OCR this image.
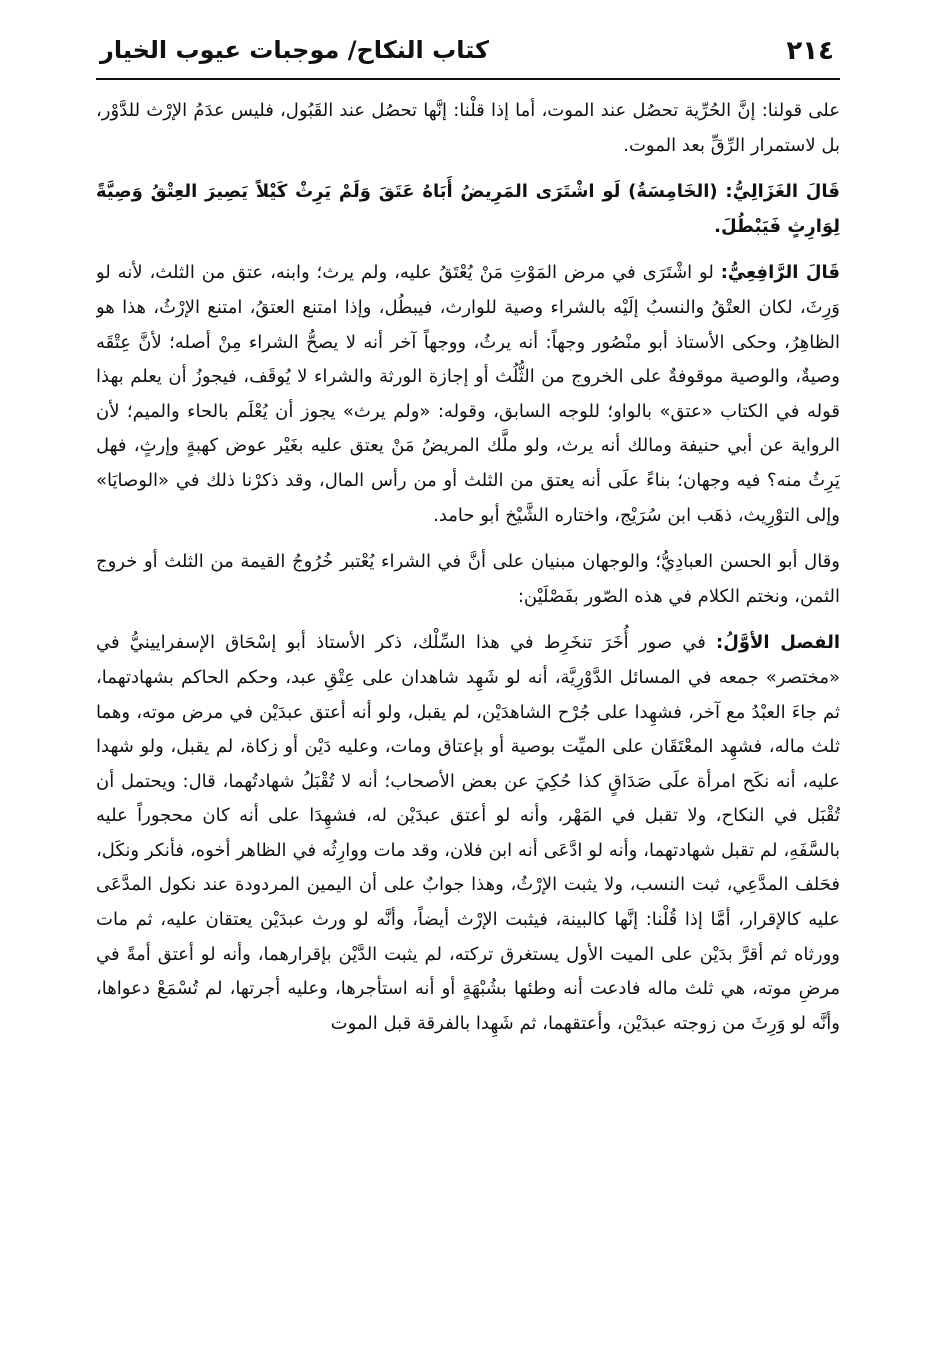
٢١٤
كتاب النكاح/ موجبات عيوب الخيار

على قولنا: إنَّ الحُرِّية تحصُل عند الموت، أما إذا قلْنا: إنَّها تحصُل عند القَبُول، فليس عدَمُ الإرْث للدَّوْر، بل لاستمرار الرِّقِّ بعد الموت.

قَالَ الغَزَالِيُّ: (الخَامِسَةُ) لَو اشْتَرَى المَرِيضُ أَبَاهُ عَتَقَ وَلَمْ يَرِثْ كَيْلاً يَصِيرَ العِتْقُ وَصِيَّةً لِوَارِثٍ فَيَبْطُلَ.

قَالَ الرَّافِعِيُّ: لو اشْتَرَى في مرض المَوْتِ مَنْ يُعْتَقُ عليه، ولم يرث؛ وابنه، عتق من الثلث، لأنه لو وَرِثَ، لكان العتْقُ والنسبُ إلَيْه بالشراء وصية للوارث، فيبطُل، وإذا امتنع العتقُ، امتنع الإرْثُ، هذا هو الظاهِرُ، وحكى الأستاذ أبو منْصُور وجهاً: أنه يرثُ، ووجهاً آخر أنه لا يصحُّ الشراء مِنْ أصله؛ لأنَّ عِتْقَه وصيةٌ، والوصية موقوفةٌ على الخروج من الثُّلُث أو إجازة الورثة والشراء لا يُوقَف، فيجوزُ أن يعلم بهذا قوله في الكتاب «عتق» بالواو؛ للوجه السابق، وقوله: «ولم يرث» يجوز أن يُعْلَم بالحاء والميم؛ لأن الرواية عن أبي حنيفة ومالك أنه يرث، ولو ملَّك المريضُ مَنْ يعتق عليه بغَيْر عوض كهبةٍ وإرثٍ، فهل يَرِثُ منه؟ فيه وجهان؛ بناءً علَى أنه يعتق من الثلث أو من رأس المال، وقد ذكرْنا ذلك في «الوصايَا» وإلى التوْرِيث، ذهَب ابن سُرَيْج، واختاره الشَّيْخ أبو حامد.

وقال أبو الحسن العبادِيُّ؛ والوجهان مبنيان على أنَّ في الشراء يُعْتبر خُرُوجُ القيمة من الثلث أو خروج الثمن، ونختم الكلام في هذه الصّور بفَصْلَيْن:

الفصل الأوَّلُ: في صور أُخَرَ تنخَرِط في هذا السِّلْك، ذكر الأستاذ أبو إسْحَاق الإسفرايينيُّ في «مختصر» جمعه في المسائل الدَّوْرِيَّة، أنه لو شَهِد شاهدان على عِتْقِ عبد، وحكم الحاكم بشهادتهما، ثم جاءَ العبْدُ مع آخر، فشهِدا على جُرْح الشاهدَيْن، لم يقبل، ولو أنه أعتق عبدَيْن في مرض موته، وهما ثلث ماله، فشهِد المعْتَقَان على الميِّت بوصية أو بإعتاق ومات، وعليه دَيْن أو زكاة، لم يقبل، ولو شهدا عليه، أنه نكَح امرأة علَى صَدَاقٍ كذا حُكِيَ عن بعض الأصحاب؛ أنه لا تُقْبَلُ شهادتُهما، قال: ويحتمل أن تُقْبَل في النكاح، ولا تقبل في المَهْر، وأنه لو أعتق عبدَيْن له، فشهِدَا على أنه كان محجوراً عليه بالسَّفَهِ، لم تقبل شهادتهما، وأنه لو ادَّعَى أنه ابن فلان، وقد مات ووارِثُه في الظاهر أخوه، فأنكر ونكَل، فحَلف المدَّعِي، ثبت النسب، ولا يثبت الإرْثُ، وهذا جوابٌ على أن اليمين المردودة عند نكول المدَّعَى عليه كالإقرار، أمَّا إذا قُلْنا: إنَّها كالبينة، فيثبت الإرْث أيضاً، وأنَّه لو ورث عبدَيْن يعتقان عليه، ثم مات وورثاه ثم أقرَّ بدَيْن على الميت الأول يستغرق تركته، لم يثبت الدَّيْن بإقرارهما، وأنه لو أعتق أمةً في مرضِ موته، هي ثلث ماله فادعت أنه وطئها بشُبْهَةٍ أو أنه استأجرها، وعليه أجرتها، لم تُسْمَعْ دعواها، وأنَّه لو وَرِثَ من زوجته عبدَيْن، وأعتقهما، ثم شَهِدا بالفرقة قبل الموت
